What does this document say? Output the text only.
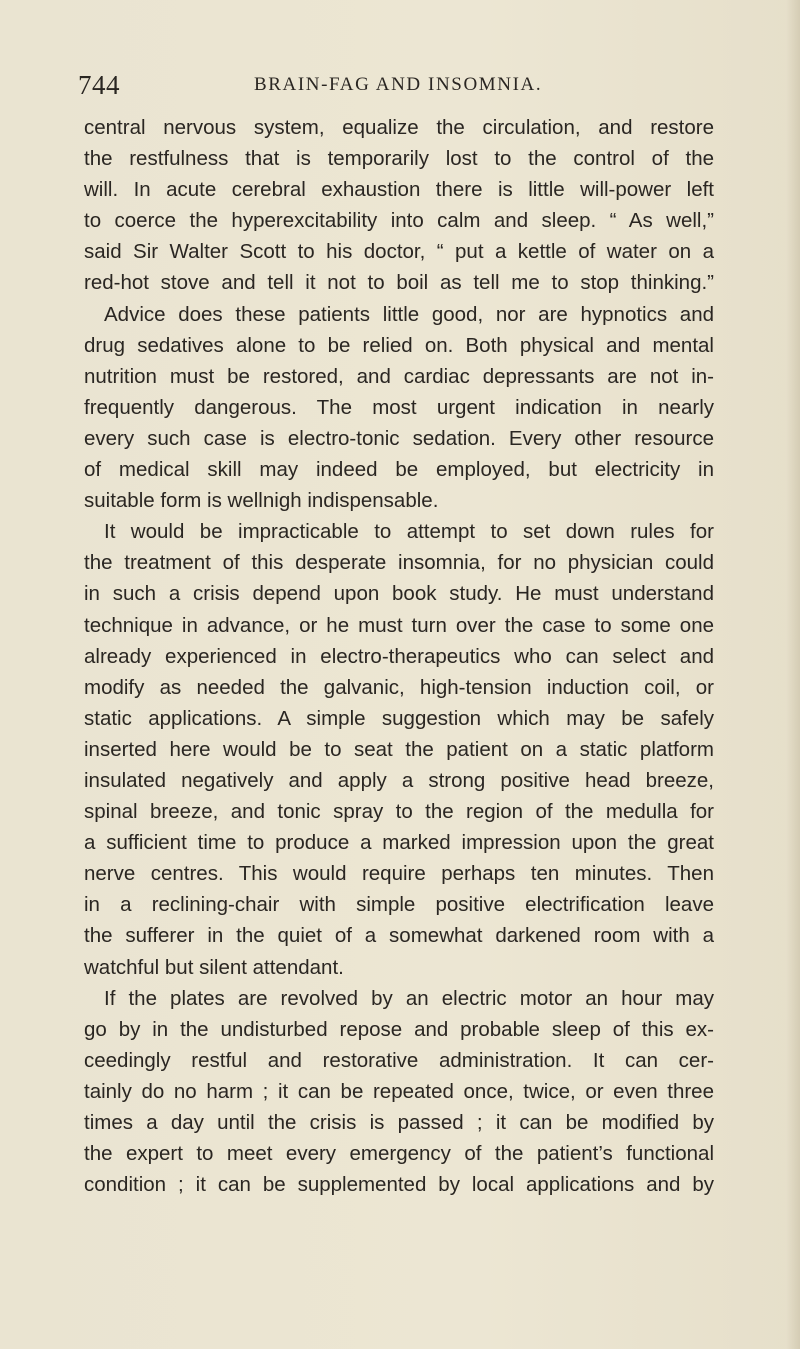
744	BRAIN-FAG AND INSOMNIA.
central nervous system, equalize the circulation, and restore
the restfulness that is temporarily lost to the control of the
will. In acute cerebral exhaustion there is little will-power left
to coerce the hyperexcitability into calm and sleep. “ As well,”
said Sir Walter Scott to his doctor, “ put a kettle of water on a
red-hot stove and tell it not to boil as tell me to stop thinking.”
Advice does these patients little good, nor are hypnotics and
drug sedatives alone to be relied on. Both physical and mental
nutrition must be restored, and cardiac depressants are not in-
frequently dangerous. The most urgent indication in nearly
every such case is electro-tonic sedation. Every other resource
of medical skill may indeed be employed, but electricity in
suitable form is wellnigh indispensable.
It would be impracticable to attempt to set down rules for
the treatment of this desperate insomnia, for no physician could
in such a crisis depend upon book study. He must understand
technique in advance, or he must turn over the case to some one
already experienced in electro-therapeutics who can select and
modify as needed the galvanic, high-tension induction coil, or
static applications. A simple suggestion which may be safely
inserted here would be to seat the patient on a static platform
insulated negatively and apply a strong positive head breeze,
spinal breeze, and tonic spray to the region of the medulla for
a sufficient time to produce a marked impression upon the great
nerve centres. This would require perhaps ten minutes. Then
in a reclining-chair with simple positive electrification leave
the sufferer in the quiet of a somewhat darkened room with a
watchful but silent attendant.
If the plates are revolved by an electric motor an hour may
go by in the undisturbed repose and probable sleep of this ex-
ceedingly restful and restorative administration. It can cer-
tainly do no harm ; it can be repeated once, twice, or even three
times a day until the crisis is passed ; it can be modified by
the expert to meet every emergency of the patient’s functional
condition ; it can be supplemented by local applications and by
